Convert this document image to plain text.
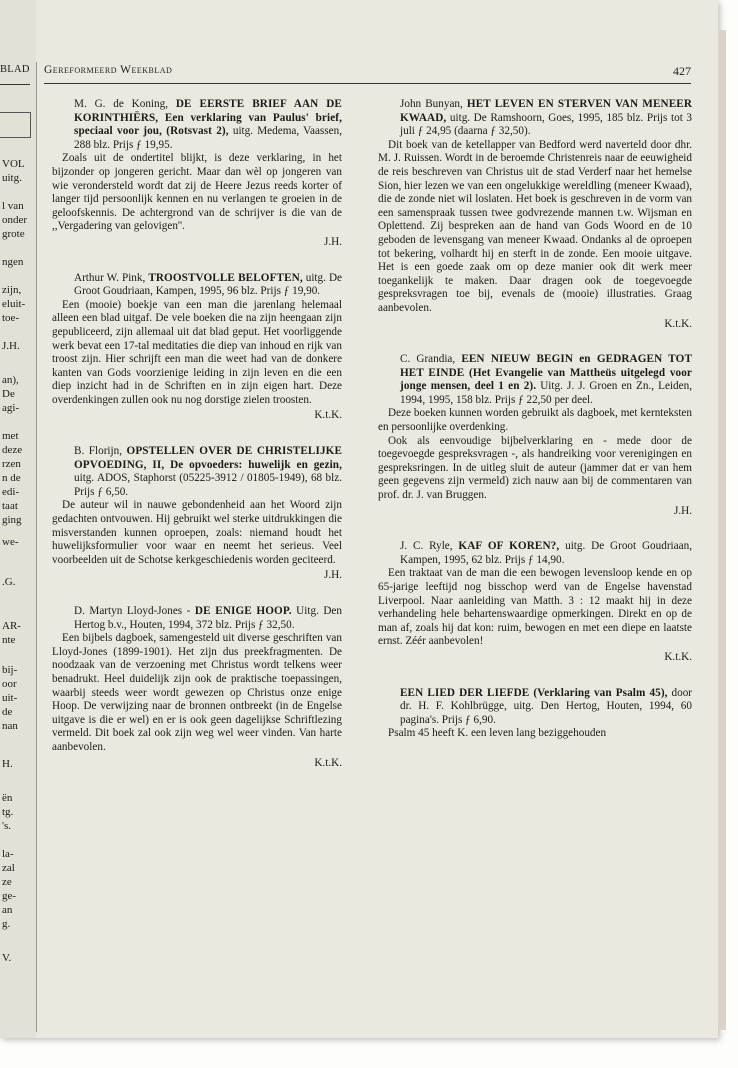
BLAD
VOL
uitg.
l van
onder
grote
ngen
zijn,
eluit-
toe-
J.H.
an),
De
agi-
met
deze
rzen
n de
edi-
taat
ging
we-
.G.
AR-
nte
bij-
oor
uit-
de
nan
H.
ën
tg.
's.
la-
zal
ze
ge-
an
g.
V.
Gereformeerd Weekblad	427
M. G. de Koning, DE EERSTE BRIEF AAN DE KORINTHIËRS, Een verklaring van Paulus' brief, speciaal voor jou, (Rotsvast 2), uitg. Medema, Vaassen, 288 blz. Prijs ƒ 19,95.

Zoals uit de ondertitel blijkt, is deze verklaring, in het bijzonder op jongeren gericht. Maar dan wèl op jongeren van wie verondersteld wordt dat zij de Heere Jezus reeds korter of langer tijd persoonlijk kennen en nu verlangen te groeien in de geloofskennis. De achtergrond van de schrijver is die van de ,,Vergadering van gelovigen''.

J.H.
Arthur W. Pink, TROOSTVOLLE BELOFTEN, uitg. De Groot Goudriaan, Kampen, 1995, 96 blz. Prijs ƒ 19,90.

Een (mooie) boekje van een man die jarenlang helemaal alleen een blad uitgaf. De vele boeken die na zijn heengaan zijn gepubliceerd, zijn allemaal uit dat blad geput. Het voorliggende werk bevat een 17-tal meditaties die diep van inhoud en rijk van troost zijn. Hier schrijft een man die weet had van de donkere kanten van Gods voorzienige leiding in zijn leven en die een diep inzicht had in de Schriften en in zijn eigen hart. Deze overdenkingen zullen ook nu nog dorstige zielen troosten.

K.t.K.
B. Florijn, OPSTELLEN OVER DE CHRISTELIJKE OPVOEDING, II, De opvoeders: huwelijk en gezin, uitg. ADOS, Staphorst (05225-3912 / 01805-1949), 68 blz. Prijs ƒ 6,50.

De auteur wil in nauwe gebondenheid aan het Woord zijn gedachten ontvouwen. Hij gebruikt wel sterke uitdrukkingen die misverstanden kunnen oproepen, zoals: niemand houdt het huwelijksformulier voor waar en neemt het serieus. Veel voorbeelden uit de Schotse kerkgeschiedenis worden geciteerd.

J.H.
D. Martyn Lloyd-Jones - DE ENIGE HOOP. Uitg. Den Hertog b.v., Houten, 1994, 372 blz. Prijs ƒ 32,50.

Een bijbels dagboek, samengesteld uit diverse geschriften van Lloyd-Jones (1899-1901). Het zijn dus preekfragmenten. De noodzaak van de verzoening met Christus wordt telkens weer benadrukt. Heel duidelijk zijn ook de praktische toepassingen, waarbij steeds weer wordt gewezen op Christus onze enige Hoop. De verwijzing naar de bronnen ontbreekt (in de Engelse uitgave is die er wel) en er is ook geen dagelijkse Schriftlezing vermeld. Dit boek zal ook zijn weg wel weer vinden. Van harte aanbevolen.

K.t.K.
John Bunyan, HET LEVEN EN STERVEN VAN MENEER KWAAD, uitg. De Ramshoorn, Goes, 1995, 185 blz. Prijs tot 3 juli ƒ 24,95 (daarna ƒ 32,50).

Dit boek van de ketellapper van Bedford werd naverteld door dhr. M. J. Ruissen. Wordt in de beroemde Christenreis naar de eeuwigheid de reis beschreven van Christus uit de stad Verderf naar het hemelse Sion, hier lezen we van een ongelukkige wereldling (meneer Kwaad), die de zonde niet wil loslaten. Het boek is geschreven in de vorm van een samenspraak tussen twee godvrezende mannen t.w. Wijsman en Oplettend. Zij bespreken aan de hand van Gods Woord en de 10 geboden de levensgang van meneer Kwaad. Ondanks al de oproepen tot bekering, volhardt hij en sterft in de zonde. Een mooie uitgave. Het is een goede zaak om op deze manier ook dit werk meer toegankelijk te maken. Daar dragen ook de toegevoegde gespreksvragen toe bij, evenals de (mooie) illustraties. Graag aanbevolen.

K.t.K.
C. Grandia, EEN NIEUW BEGIN en GEDRAGEN TOT HET EINDE (Het Evangelie van Mattheüs uitgelegd voor jonge mensen, deel 1 en 2). Uitg. J. J. Groen en Zn., Leiden, 1994, 1995, 158 blz. Prijs ƒ 22,50 per deel.

Deze boeken kunnen worden gebruikt als dagboek, met kernteksten en persoonlijke overdenking.

Ook als eenvoudige bijbelverklaring en - mede door de toegevoegde gespreksvragen -, als handreiking voor verenigingen en gespreksringen. In de uitleg sluit de auteur (jammer dat er van hem geen gegevens zijn vermeld) zich nauw aan bij de commentaren van prof. dr. J. van Bruggen.

J.H.
J. C. Ryle, KAF OF KOREN?, uitg. De Groot Goudriaan, Kampen, 1995, 62 blz. Prijs ƒ 14,90.

Een traktaat van de man die een bewogen levensloop kende en op 65-jarige leeftijd nog bisschop werd van de Engelse havenstad Liverpool. Naar aanleiding van Matth. 3 : 12 maakt hij in deze verhandeling hele behartenswaardige opmerkingen. Direkt en op de man af, zoals hij dat kon: ruim, bewogen en met een diepe en laatste ernst. Zéér aanbevolen!

K.t.K.
EEN LIED DER LIEFDE (Verklaring van Psalm 45), door dr. H. F. Kohlbrügge, uitg. Den Hertog, Houten, 1994, 60 pagina's. Prijs ƒ 6,90.

Psalm 45 heeft K. een leven lang beziggehouden
